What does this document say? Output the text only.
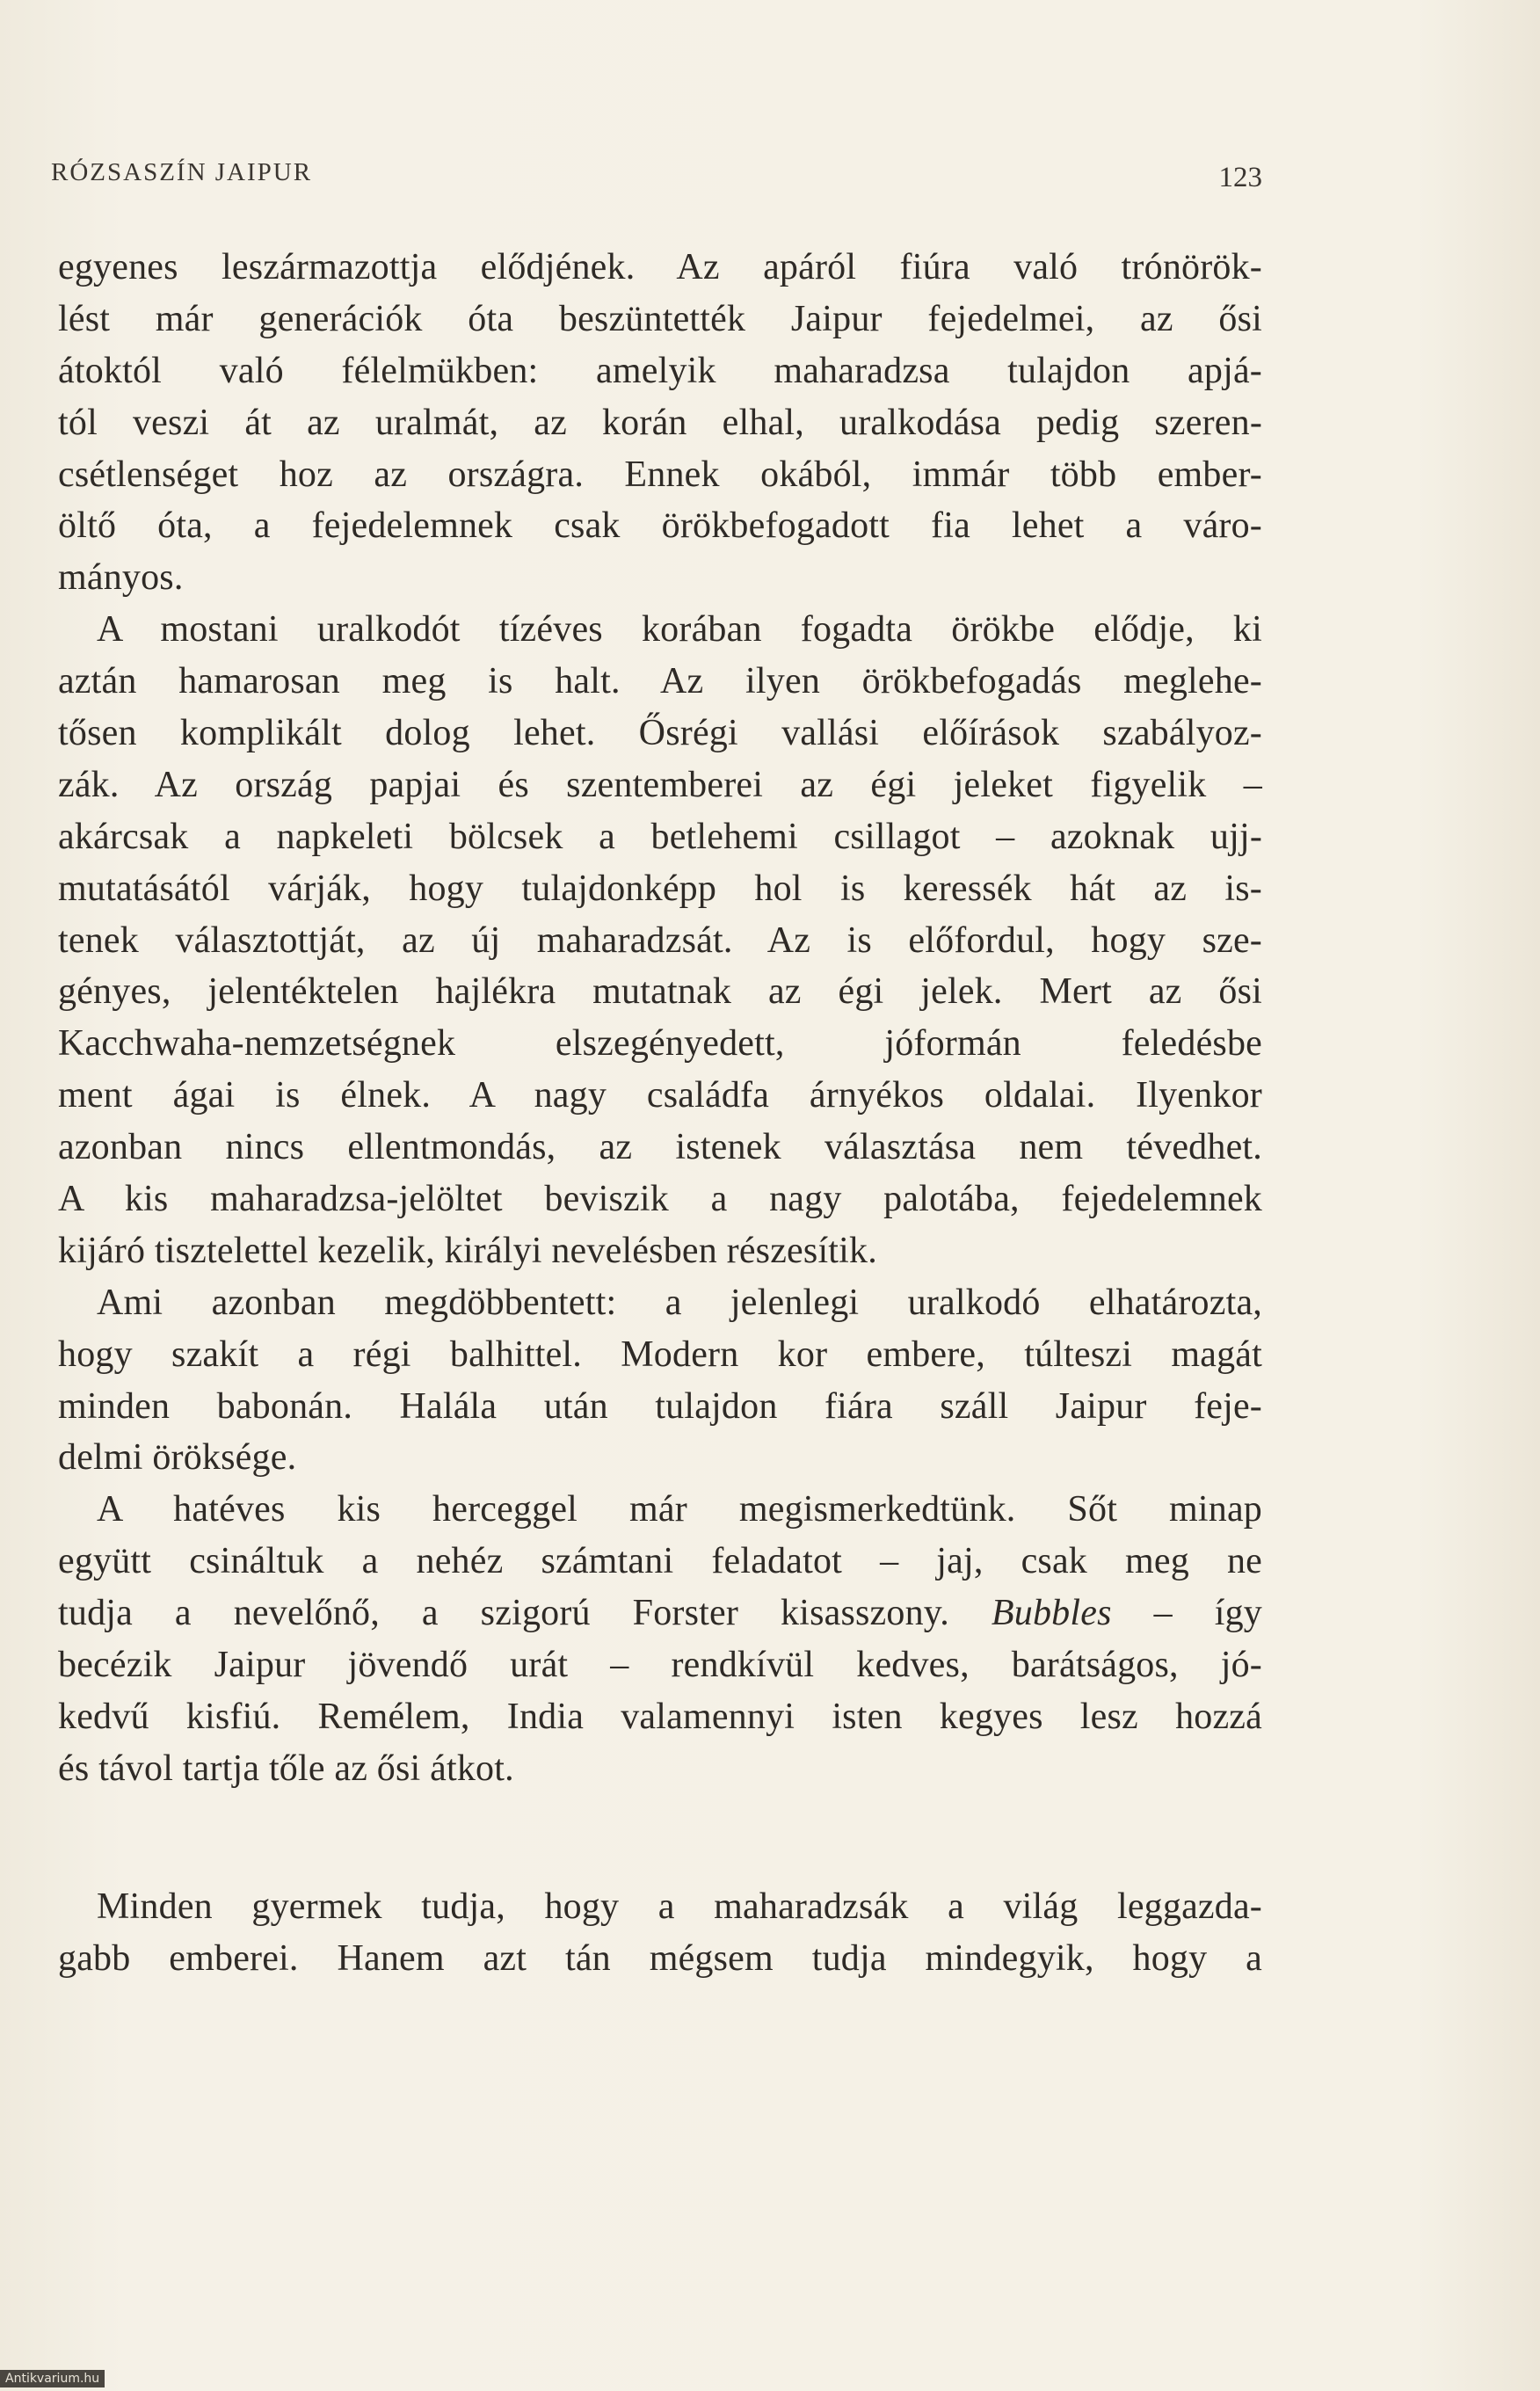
RÓZSASZÍN JAIPUR	123
egyenes leszármazottja elődjének. Az apáról fiúra való trónörök-
lést már generációk óta beszüntették Jaipur fejedelmei, az ősi
átoktól való félelmükben: amelyik maharadzsa tulajdon apjá-
tól veszi át az uralmát, az korán elhal, uralkodása pedig szeren-
csétlenséget hoz az országra. Ennek okából, immár több ember-
öltő óta, a fejedelemnek csak örökbefogadott fia lehet a váro-
mányos.
A mostani uralkodót tízéves korában fogadta örökbe elődje, ki
aztán hamarosan meg is halt. Az ilyen örökbefogadás meglehe-
tősen komplikált dolog lehet. Ősrégi vallási előírások szabályoz-
zák. Az ország papjai és szentemberei az égi jeleket figyelik –
akárcsak a napkeleti bölcsek a betlehemi csillagot – azoknak ujj-
mutatásától várják, hogy tulajdonképp hol is keressék hát az is-
tenek választottját, az új maharadzsát. Az is előfordul, hogy sze-
gényes, jelentéktelen hajlékra mutatnak az égi jelek. Mert az ősi
Kacchwaha-nemzetségnek elszegényedett, jóformán feledésbe
ment ágai is élnek. A nagy családfa árnyékos oldalai. Ilyenkor
azonban nincs ellentmondás, az istenek választása nem tévedhet.
A kis maharadzsa-jelöltet beviszik a nagy palotába, fejedelemnek
kijáró tisztelettel kezelik, királyi nevelésben részesítik.
Ami azonban megdöbbentett: a jelenlegi uralkodó elhatározta,
hogy szakít a régi balhittel. Modern kor embere, túlteszi magát
minden babonán. Halála után tulajdon fiára száll Jaipur feje-
delmi öröksége.
A hatéves kis herceggel már megismerkedtünk. Sőt minap
együtt csináltuk a nehéz számtani feladatot – jaj, csak meg ne
tudja a nevelőnő, a szigorú Forster kisasszony. Bubbles – így
becézik Jaipur jövendő urát – rendkívül kedves, barátságos, jó-
kedvű kisfiú. Remélem, India valamennyi isten kegyes lesz hozzá
és távol tartja tőle az ősi átkot.
Minden gyermek tudja, hogy a maharadzsák a világ leggazda-
gabb emberei. Hanem azt tán mégsem tudja mindegyik, hogy a
Antikvarium.hu
